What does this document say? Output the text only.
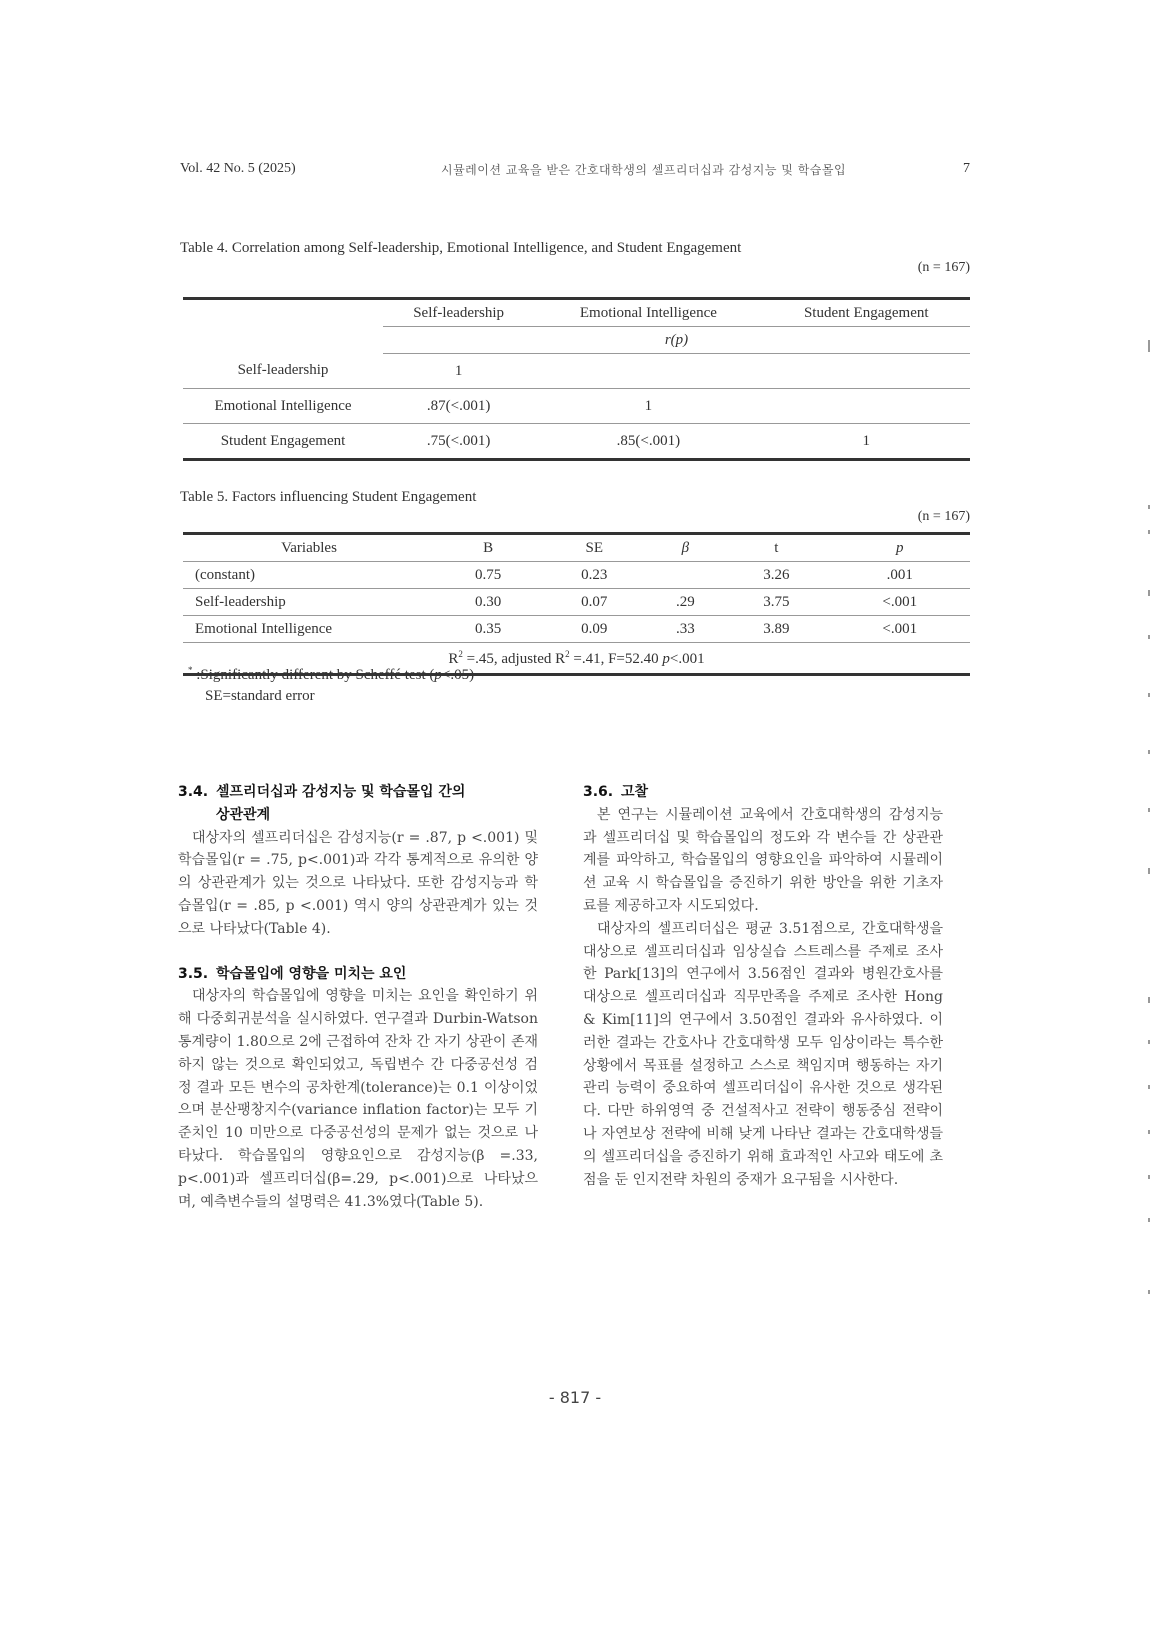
Vol. 42 No. 5 (2025)	시뮬레이션 교육을 받은 간호대학생의 셀프리더십과 감성지능 및 학습몰입	7
Table 4. Correlation among Self-leadership, Emotional Intelligence, and Student Engagement
(n = 167)
	Self-leadership	Emotional Intelligence	Student Engagement
	r(p)		
Self-leadership	1		
Emotional Intelligence	.87(<.001)	1	
Student Engagement	.75(<.001)	.85(<.001)	1
Table 5. Factors influencing Student Engagement
(n = 167)
Variables	B	SE	β	t	p
(constant)	0.75	0.23		3.26	.001
Self-leadership	0.30	0.07	.29	3.75	<.001
Emotional Intelligence	0.35	0.09	.33	3.89	<.001
$R^2 =.45$, adjusted $R^2 =.41$, F=52.40 p<.001					
* :Significantly different by Scheffé test (p<.05)
SE=standard error
3.4. 셀프리더십과 감성지능 및 학습몰입 간의
상관관계

대상자의 셀프리더십은 감성지능(r = .87, p <.001) 및 학습몰입(r = .75, p<.001)과 각각 통계적으로 유의한 양의 상관관계가 있는 것으로 나타났다. 또한 감성지능과 학습몰입(r = .85, p <.001) 역시 양의 상관관계가 있는 것으로 나타났다(Table 4).

3.5. 학습몰입에 영향을 미치는 요인

대상자의 학습몰입에 영향을 미치는 요인을 확인하기 위해 다중회귀분석을 실시하였다. 연구결과 Durbin-Watson 통계량이 1.80으로 2에 근접하여 잔차 간 자기 상관이 존재하지 않는 것으로 확인되었고, 독립변수 간 다중공선성 검정 결과 모든 변수의 공차한계(tolerance)는 0.1 이상이었으며 분산팽창지수(variance inflation factor)는 모두 기준치인 10 미만으로 다중공선성의 문제가 없는 것으로 나타났다. 학습몰입의 영향요인으로 감성지능(β =.33, p<.001)과 셀프리더십(β=.29, p<.001)으로 나타났으며, 예측변수들의 설명력은 41.3%였다(Table 5).

3.6. 고찰

본 연구는 시뮬레이션 교육에서 간호대학생의 감성지능과 셀프리더십 및 학습몰입의 정도와 각 변수들 간 상관관계를 파악하고, 학습몰입의 영향요인을 파악하여 시뮬레이션 교육 시 학습몰입을 증진하기 위한 방안을 위한 기초자료를 제공하고자 시도되었다.

대상자의 셀프리더십은 평균 3.51점으로, 간호대학생을 대상으로 셀프리더십과 임상실습 스트레스를 주제로 조사한 Park[13]의 연구에서 3.56점인 결과와 병원간호사를 대상으로 셀프리더십과 직무만족을 주제로 조사한 Hong & Kim[11]의 연구에서 3.50점인 결과와 유사하였다. 이러한 결과는 간호사나 간호대학생 모두 임상이라는 특수한 상황에서 목표를 설정하고 스스로 책임지며 행동하는 자기관리 능력이 중요하여 셀프리더십이 유사한 것으로 생각된다. 다만 하위영역 중 건설적사고 전략이 행동중심 전략이나 자연보상 전략에 비해 낮게 나타난 결과는 간호대학생들의 셀프리더십을 증진하기 위해 효과적인 사고와 태도에 초점을 둔 인지전략 차원의 중재가 요구됨을 시사한다.

- 817 -
